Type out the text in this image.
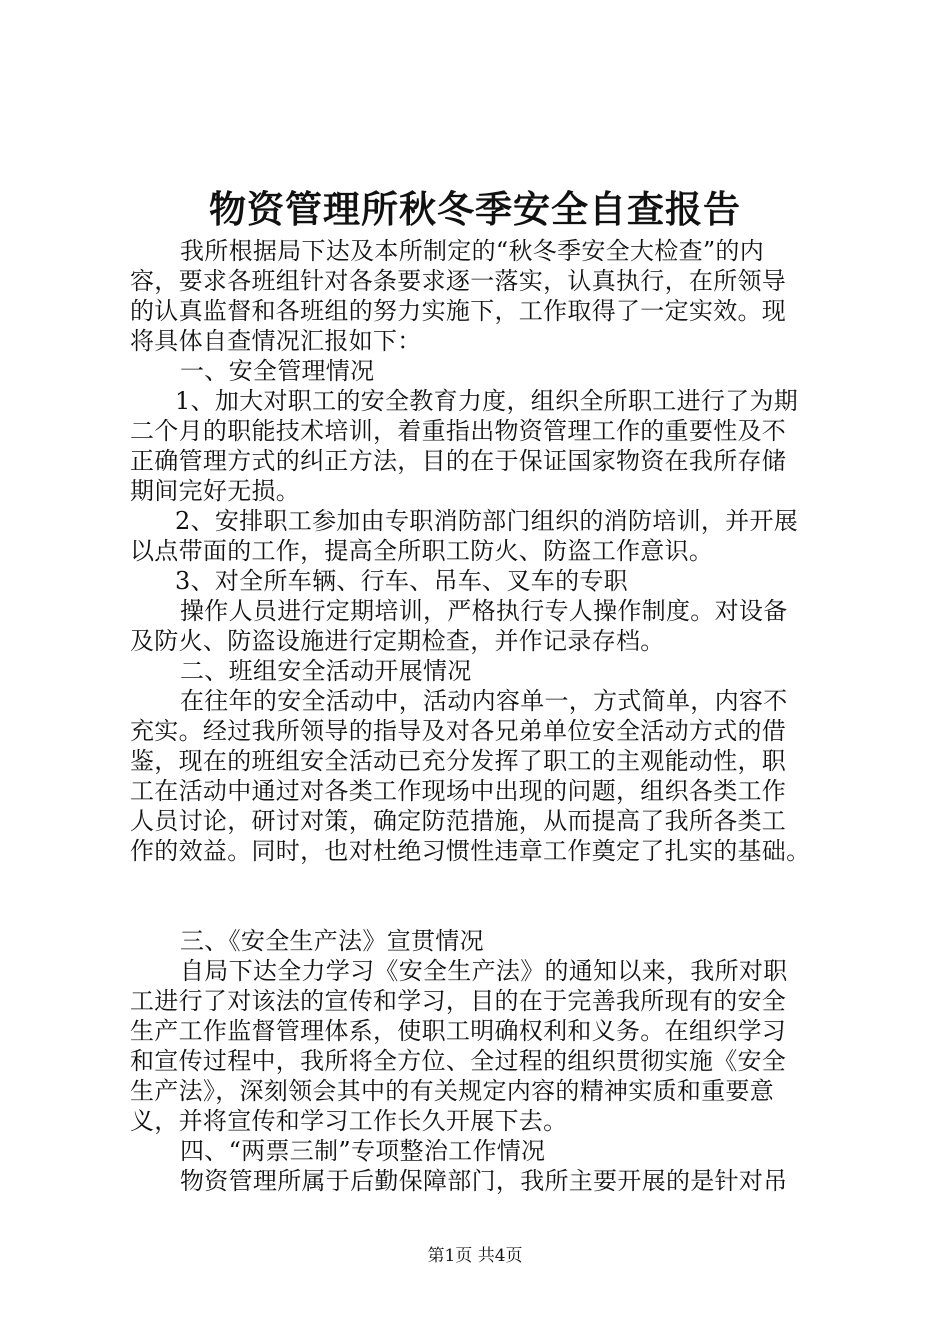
物资管理所秋冬季安全自查报告
我所根据局下达及本所制定的“秋冬季安全大检查”的内
容，要求各班组针对各条要求逐一落实，认真执行，在所领导
的认真监督和各班组的努力实施下，工作取得了一定实效。现
将具体自查情况汇报如下：
一、安全管理情况
1、加大对职工的安全教育力度，组织全所职工进行了为期
二个月的职能技术培训，着重指出物资管理工作的重要性及不
正确管理方式的纠正方法，目的在于保证国家物资在我所存储
期间完好无损。
2、安排职工参加由专职消防部门组织的消防培训，并开展
以点带面的工作，提高全所职工防火、防盗工作意识。
3、对全所车辆、行车、吊车、叉车的专职
操作人员进行定期培训，严格执行专人操作制度。对设备
及防火、防盗设施进行定期检查，并作记录存档。
二、班组安全活动开展情况
在往年的安全活动中，活动内容单一，方式简单，内容不
充实。经过我所领导的指导及对各兄弟单位安全活动方式的借
鉴，现在的班组安全活动已充分发挥了职工的主观能动性，职
工在活动中通过对各类工作现场中出现的问题，组织各类工作
人员讨论，研讨对策，确定防范措施，从而提高了我所各类工
作的效益。同时，也对杜绝习惯性违章工作奠定了扎实的基础。
三、《安全生产法》宣贯情况
自局下达全力学习《安全生产法》的通知以来，我所对职
工进行了对该法的宣传和学习，目的在于完善我所现有的安全
生产工作监督管理体系，使职工明确权利和义务。在组织学习
和宣传过程中，我所将全方位、全过程的组织贯彻实施《安全
生产法》，深刻领会其中的有关规定内容的精神实质和重要意
义，并将宣传和学习工作长久开展下去。
四、“两票三制”专项整治工作情况
物资管理所属于后勤保障部门，我所主要开展的是针对吊
第1页 共4页
